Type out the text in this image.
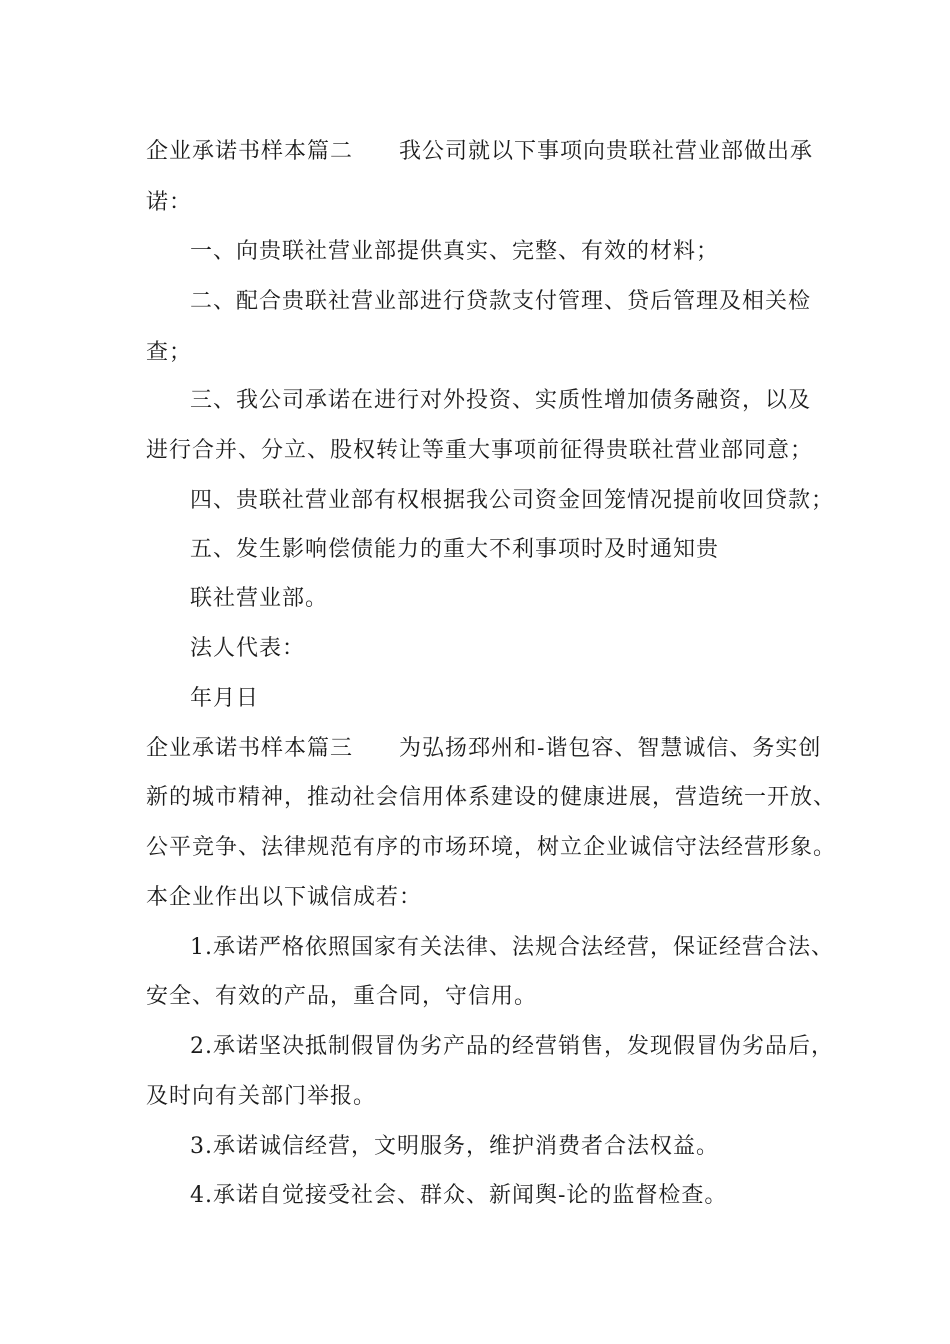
企业承诺书样本篇二　　我公司就以下事项向贵联社营业部做出承
诺：
一、向贵联社营业部提供真实、完整、有效的材料；
二、配合贵联社营业部进行贷款支付管理、贷后管理及相关检
查；
三、我公司承诺在进行对外投资、实质性增加债务融资，以及
进行合并、分立、股权转让等重大事项前征得贵联社营业部同意；
四、贵联社营业部有权根据我公司资金回笼情况提前收回贷款；
五、发生影响偿债能力的重大不利事项时及时通知贵
联社营业部。
法人代表：
年月日
企业承诺书样本篇三　　为弘扬邳州和-谐包容、智慧诚信、务实创
新的城市精神，推动社会信用体系建设的健康进展，营造统一开放、
公平竞争、法律规范有序的市场环境，树立企业诚信守法经营形象。
本企业作出以下诚信成若：
1.承诺严格依照国家有关法律、法规合法经营，保证经营合法、
安全、有效的产品，重合同，守信用。
2.承诺坚决抵制假冒伪劣产品的经营销售，发现假冒伪劣品后，
及时向有关部门举报。
3.承诺诚信经营，文明服务，维护消费者合法权益。
4.承诺自觉接受社会、群众、新闻舆-论的监督检查。
